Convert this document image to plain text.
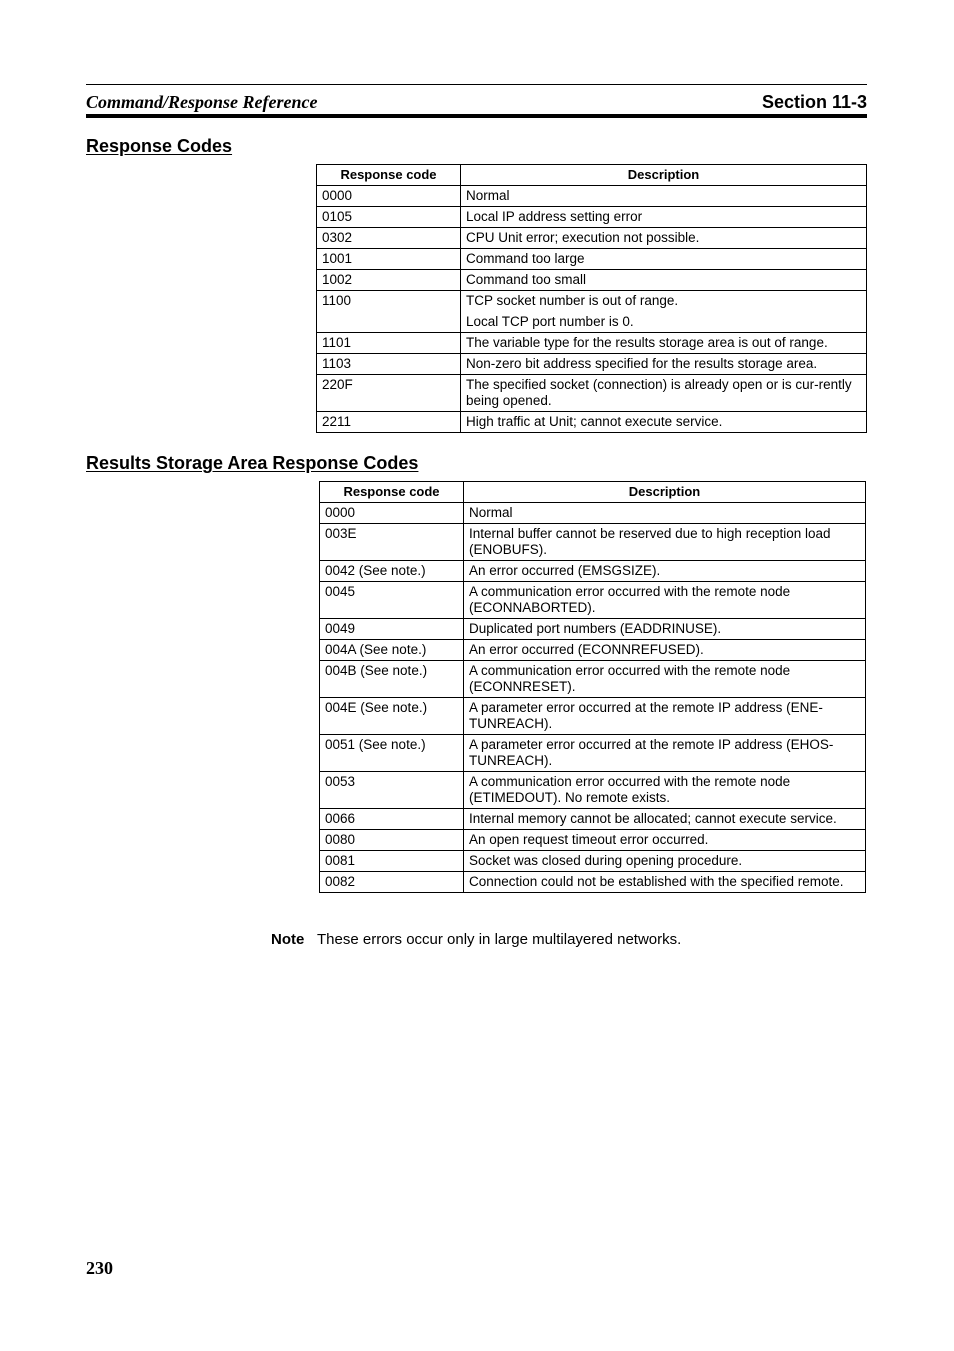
Command/Response Reference	Section 11-3
Response Codes
Response code	Description
0000	Normal

0105	Local IP address setting error

0302	CPU Unit error; execution not possible.

1001	Command too large

1002	Command too small

1100	TCP socket number is out of range.
Local TCP port number is 0.

1101	The variable type for the results storage area is out of range.

1103	Non-zero bit address specified for the results storage area.

220F	The specified socket (connection) is already open or is cur-rently being opened.

2211	High traffic at Unit; cannot execute service.
Results Storage Area Response Codes
Response code	Description
0000	Normal
003E	Internal buffer cannot be reserved due to high reception load (ENOBUFS).
0042 (See note.)	An error occurred (EMSGSIZE).
0045	A communication error occurred with the remote node (ECONNABORTED).
0049	Duplicated port numbers (EADDRINUSE).
004A (See note.)	An error occurred (ECONNREFUSED).
004B (See note.)	A communication error occurred with the remote node (ECONNRESET).
004E (See note.)	A parameter error occurred at the remote IP address (ENE-TUNREACH).
0051 (See note.)	A parameter error occurred at the remote IP address (EHOS-TUNREACH).
0053	A communication error occurred with the remote node (ETIMEDOUT). No remote exists.
0066	Internal memory cannot be allocated; cannot execute service.
0080	An open request timeout error occurred.
0081	Socket was closed during opening procedure.
0082	Connection could not be established with the specified remote.
Note These errors occur only in large multilayered networks.
230
